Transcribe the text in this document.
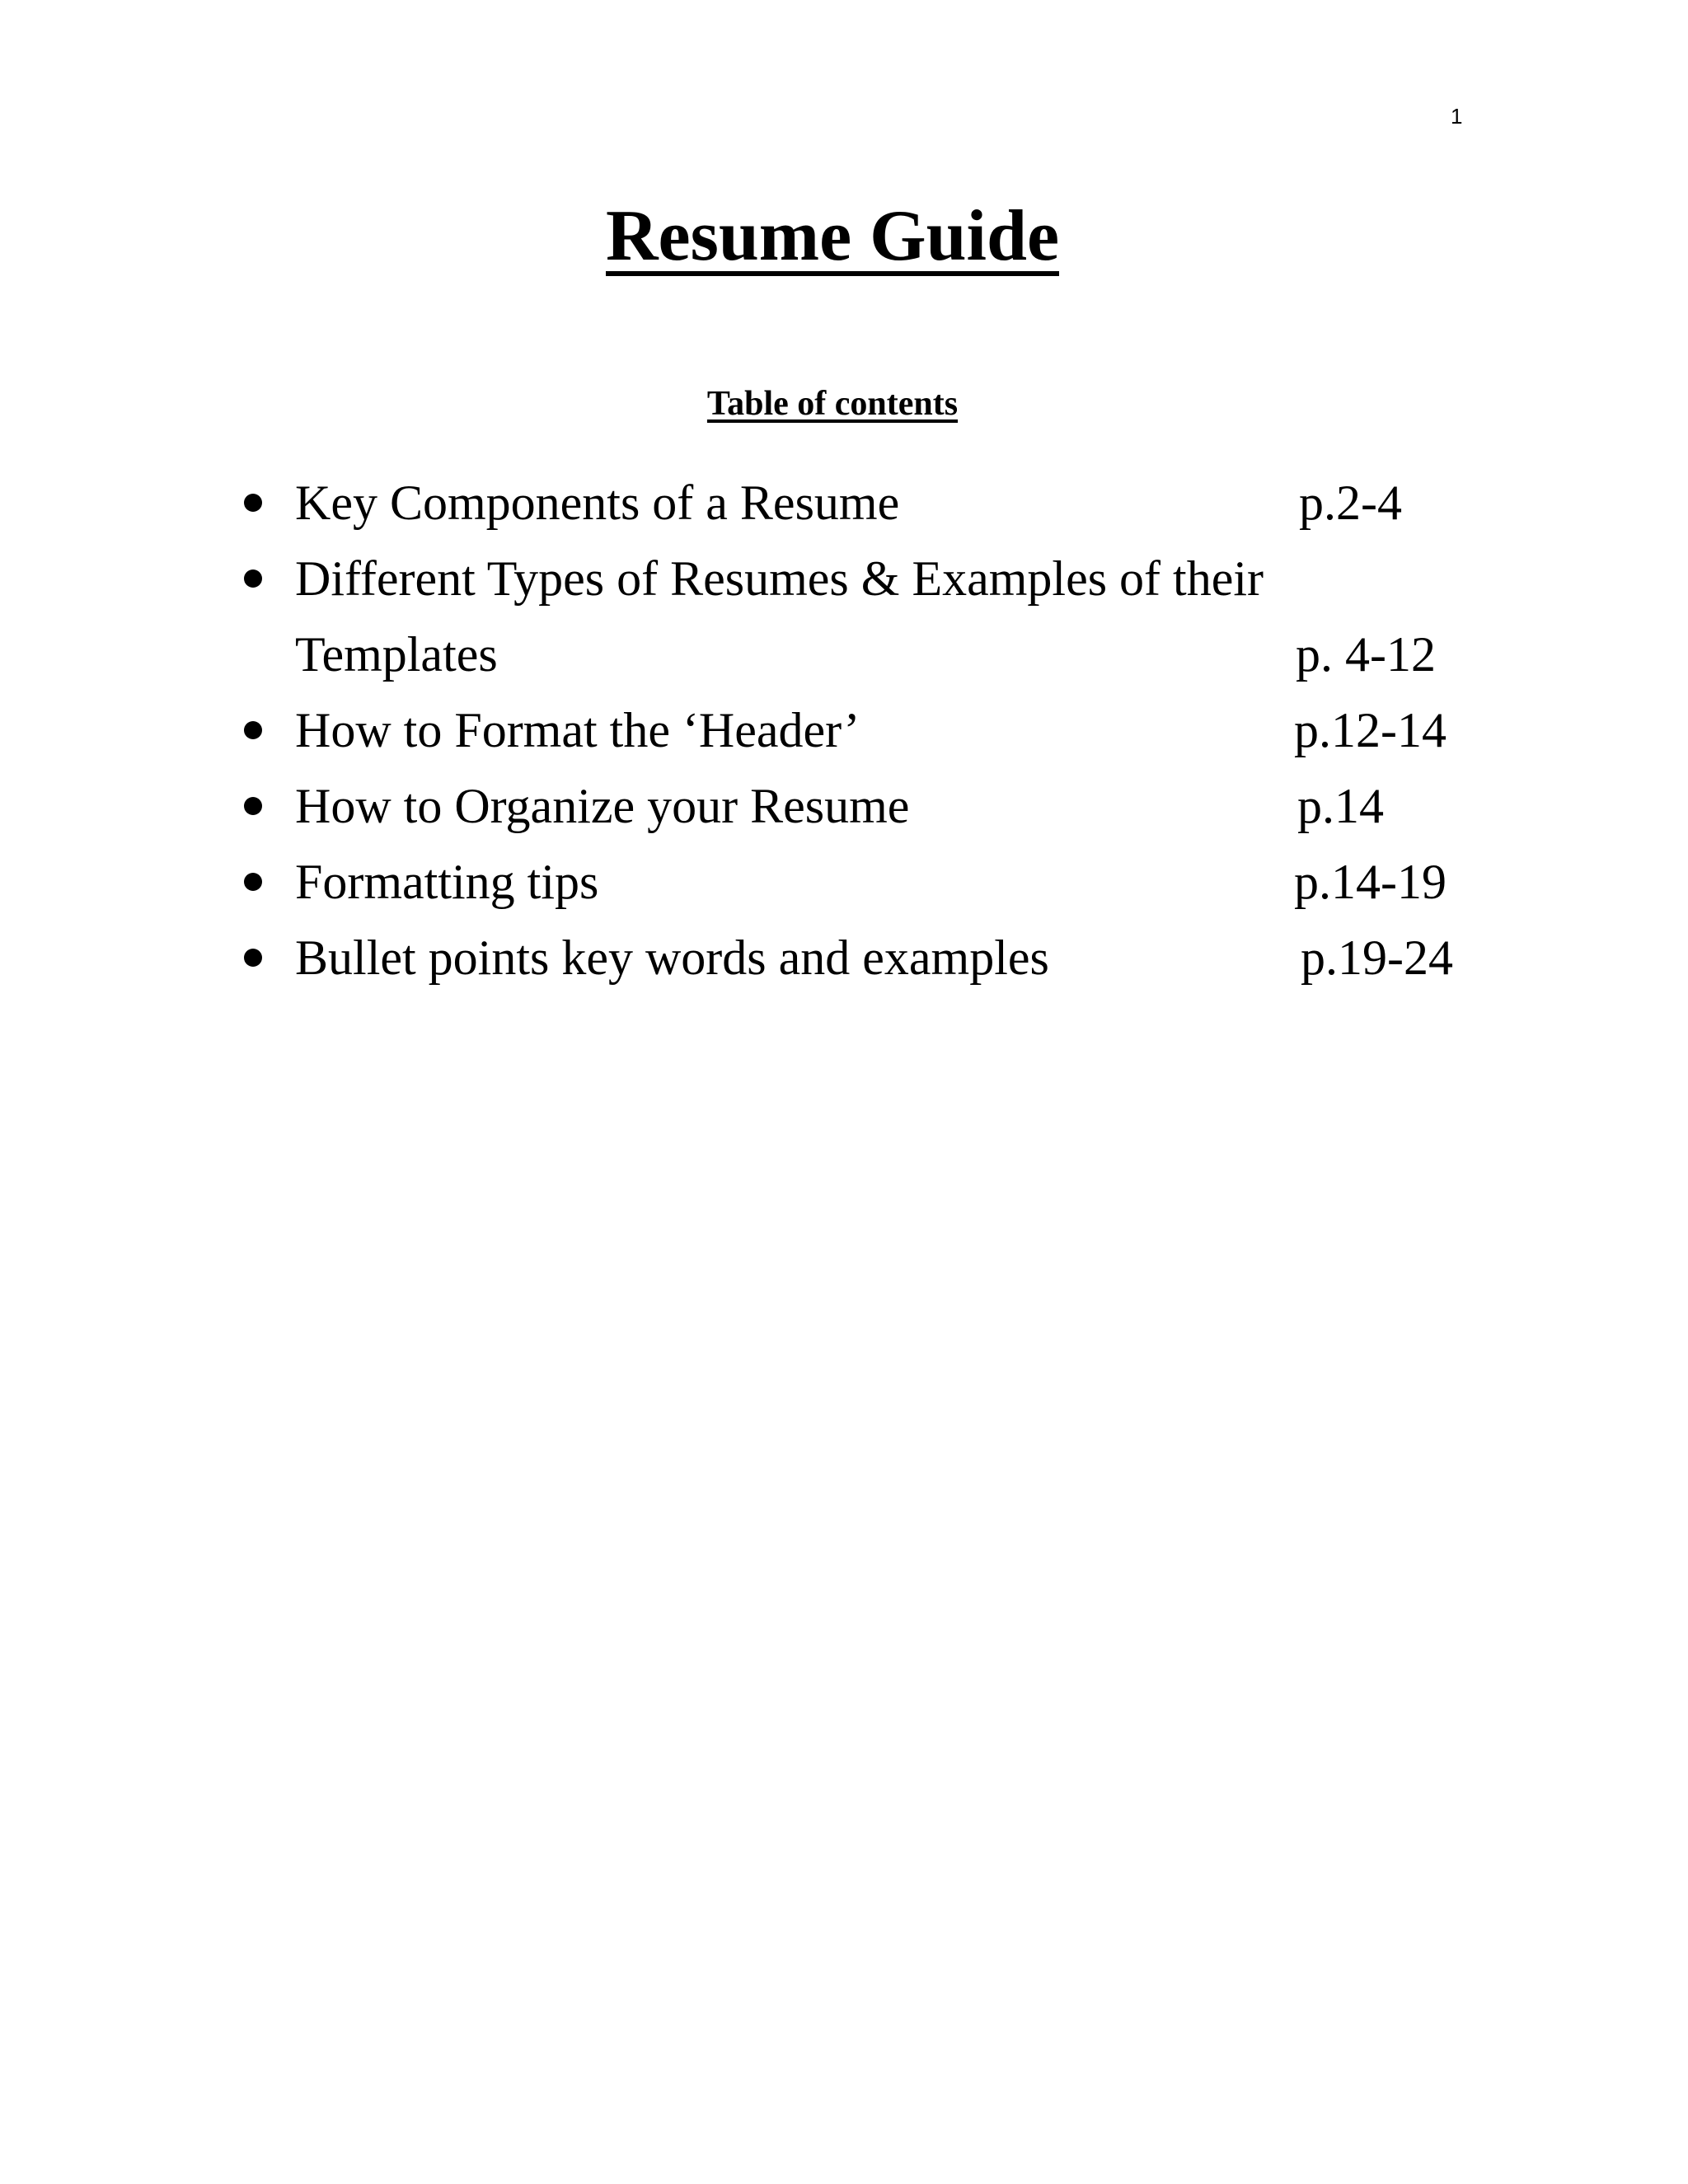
1
Resume Guide
Table of contents
Key Components of a Resume	p.2-4
Different Types of Resumes & Examples of their Templates	p. 4-12
How to Format the ‘Header’	p.12-14
How to Organize your Resume	p.14
Formatting tips	p.14-19
Bullet points key words and examples	p.19-24
